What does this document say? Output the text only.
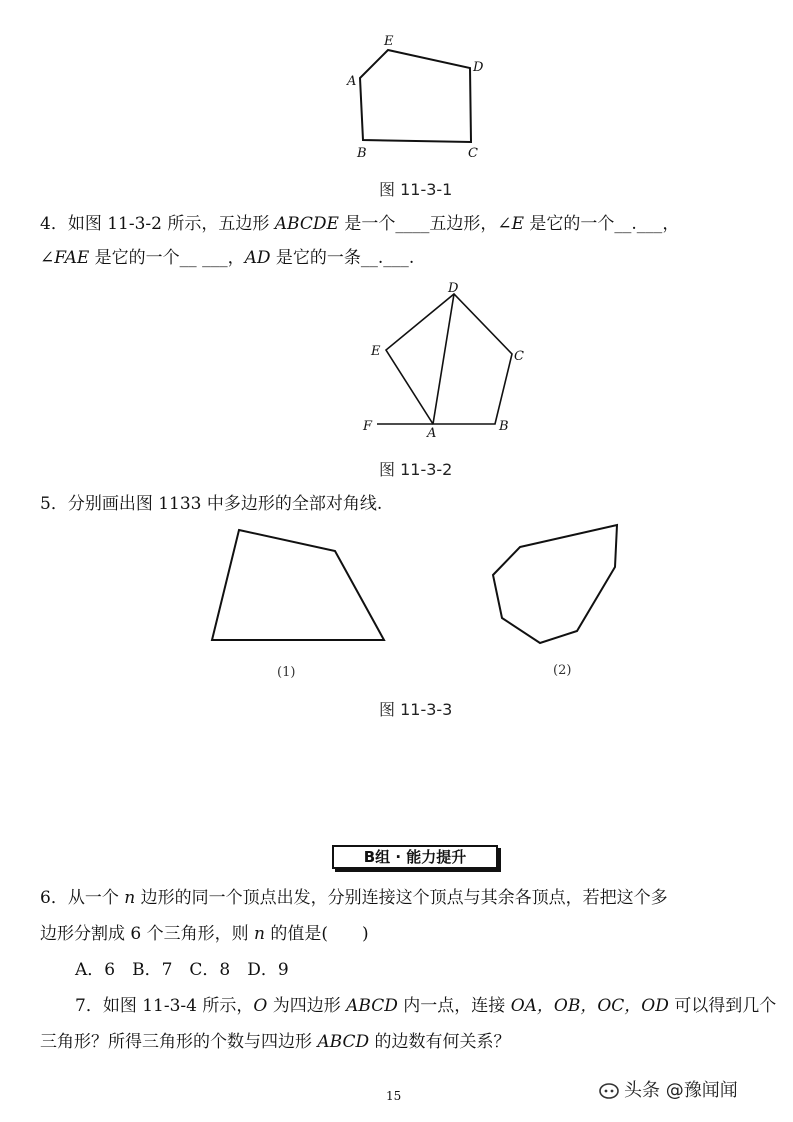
E
D
A
B	C
图 11-3-1
4．如图 11-3-2 所示，五边形 ABCDE 是一个____五边形，∠E 是它的一个__.___，
∠FAE 是它的一个__ ___，AD 是它的一条__.___.
D
E	C
F	A	B
图 11-3-2
5．分别画出图 1133 中多边形的全部对角线.
(1)	(2)
图 11-3-3
B组 · 能力提升
6．从一个 n 边形的同一个顶点出发，分别连接这个顶点与其余各顶点，若把这个多
边形分割成 6 个三角形，则 n 的值是(　　)
A．6　B．7　C．8　D．9
7．如图 11-3-4 所示，O 为四边形 ABCD 内一点，连接 OA，OB，OC，OD 可以得到几个
三角形？所得三角形的个数与四边形 ABCD 的边数有何关系？
15	头条 @豫闻闻
